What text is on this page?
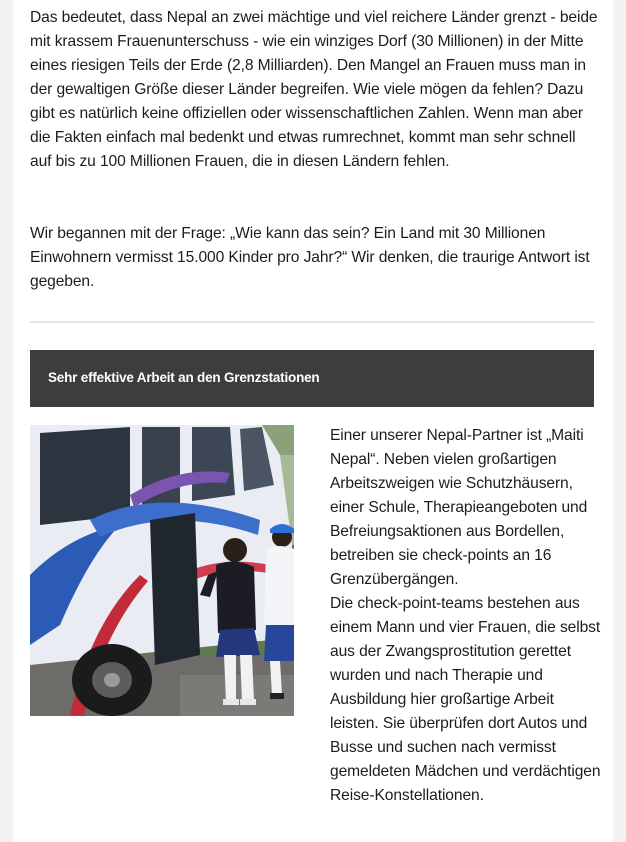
Das bedeutet, dass Nepal an zwei mächtige und viel reichere Länder grenzt - beide mit krassem Frauenunterschuss - wie ein winziges Dorf (30 Millionen) in der Mitte eines riesigen Teils der Erde (2,8 Milliarden). Den Mangel an Frauen muss man in der gewaltigen Größe dieser Länder begreifen. Wie viele mögen da fehlen? Dazu gibt es natürlich keine offiziellen oder wissenschaftlichen Zahlen. Wenn man aber die Fakten einfach mal bedenkt und etwas rumrechnet, kommt man sehr schnell auf bis zu 100 Millionen Frauen, die in diesen Ländern fehlen.

Wir begannen mit der Frage: „Wie kann das sein? Ein Land mit 30 Millionen Einwohnern vermisst 15.000 Kinder pro Jahr?“ Wir denken, die traurige Antwort ist gegeben.

Sehr effektive Arbeit an den Grenzstationen
Einer unserer Nepal-Partner ist „Maiti Nepal“. Neben vielen großartigen Arbeitszweigen wie Schutzhäusern, einer Schule, Therapieangeboten und Befreiungsaktionen aus Bordellen, betreiben sie check-points an 16 Grenzübergängen.
Die check-point-teams bestehen aus einem Mann und vier Frauen, die selbst aus der Zwangsprostitution gerettet wurden und nach Therapie und Ausbildung hier großartige Arbeit leisten. Sie überprüfen dort Autos und Busse und suchen nach vermisst gemeldeten Mädchen und verdächtigen Reise-Konstellationen.
